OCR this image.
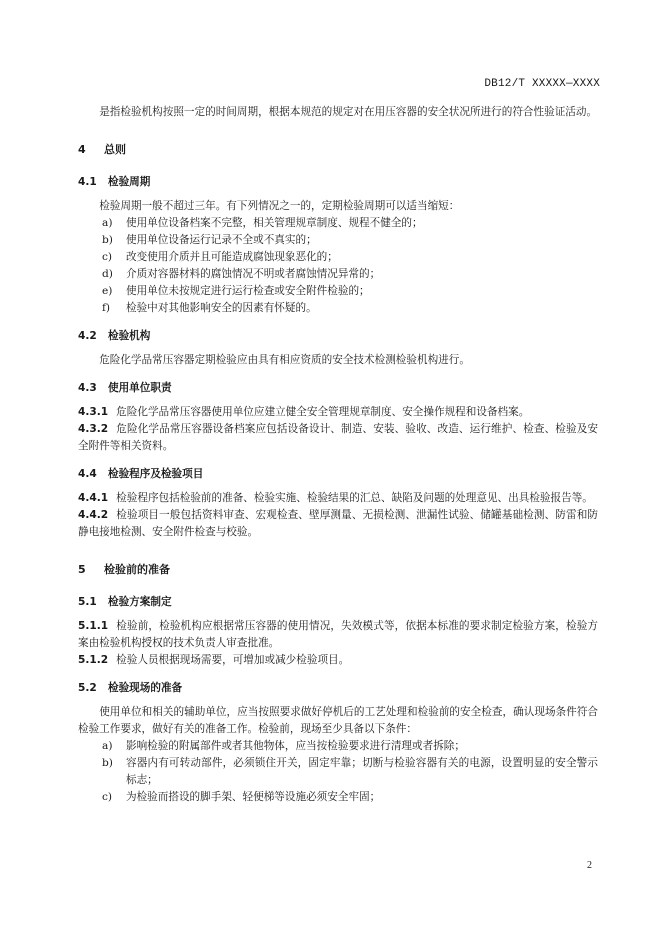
DB12/T XXXXX—XXXX

是指检验机构按照一定的时间周期，根据本规范的规定对在用压容器的安全状况所进行的符合性验证活动。

4 总则
4.1 检验周期

检验周期一般不超过三年。有下列情况之一的，定期检验周期可以适当缩短：

a)	使用单位设备档案不完整，相关管理规章制度、规程不健全的；
b)	使用单位设备运行记录不全或不真实的；
c)	改变使用介质并且可能造成腐蚀现象恶化的；
d)	介质对容器材料的腐蚀情况不明或者腐蚀情况异常的；
e)	使用单位未按规定进行运行检查或安全附件检验的；
f)	检验中对其他影响安全的因素有怀疑的。
4.2 检验机构

危险化学品常压容器定期检验应由具有相应资质的安全技术检测检验机构进行。

4.3 使用单位职责

4.3.1 危险化学品常压容器使用单位应建立健全安全管理规章制度、安全操作规程和设备档案。

4.3.2 危险化学品常压容器设备档案应包括设备设计、制造、安装、验收、改造、运行维护、检查、检验及安全附件等相关资料。

4.4 检验程序及检验项目

4.4.1 检验程序包括检验前的准备、检验实施、检验结果的汇总、缺陷及问题的处理意见、出具检验报告等。

4.4.2 检验项目一般包括资料审查、宏观检查、壁厚测量、无损检测、泄漏性试验、储罐基础检测、防雷和防静电接地检测、安全附件检查与校验。

5 检验前的准备
5.1 检验方案制定

5.1.1 检验前，检验机构应根据常压容器的使用情况，失效模式等，依据本标准的要求制定检验方案，检验方案由检验机构授权的技术负责人审查批准。

5.1.2 检验人员根据现场需要，可增加或减少检验项目。

5.2 检验现场的准备

使用单位和相关的辅助单位，应当按照要求做好停机后的工艺处理和检验前的安全检查，确认现场条件符合检验工作要求，做好有关的准备工作。检验前，现场至少具备以下条件：

a)	影响检验的附属部件或者其他物体，应当按检验要求进行清理或者拆除；
b)	容器内有可转动部件，必须锁住开关，固定牢靠；切断与检验容器有关的电源，设置明显的安全警示标志；
c)	为检验而搭设的脚手架、轻便梯等设施必须安全牢固；
2
